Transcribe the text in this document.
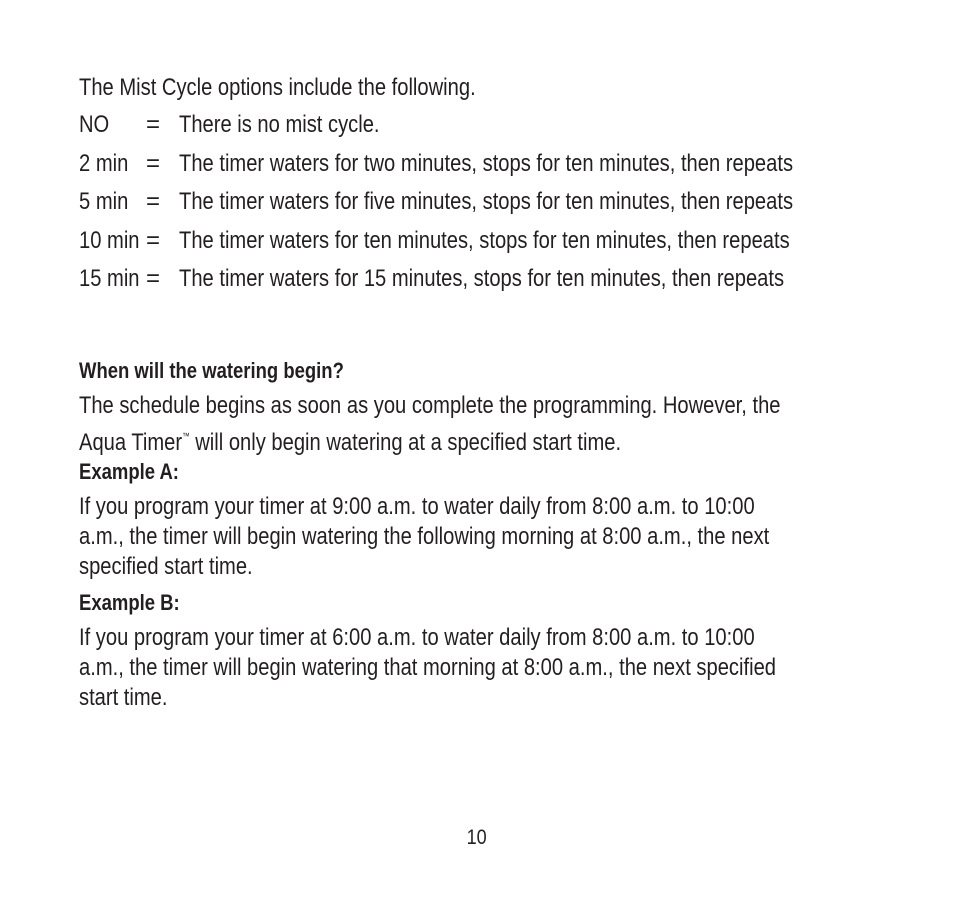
The Mist Cycle options include the following.
NO = There is no mist cycle.
2 min = The timer waters for two minutes, stops for ten minutes, then repeats
5 min = The timer waters for five minutes, stops for ten minutes, then repeats
10 min = The timer waters for ten minutes, stops for ten minutes, then repeats
15 min = The timer waters for 15 minutes, stops for ten minutes, then repeats
When will the watering begin?
The schedule begins as soon as you complete the programming. However, the
Aqua Timer™ will only begin watering at a specified start time.
Example A:
If you program your timer at 9:00 a.m. to water daily from 8:00 a.m. to 10:00
a.m., the timer will begin watering the following morning at 8:00 a.m., the next
specified start time.
Example B:
If you program your timer at 6:00 a.m. to water daily from 8:00 a.m. to 10:00
a.m., the timer will begin watering that morning at 8:00 a.m., the next specified
start time.
10
